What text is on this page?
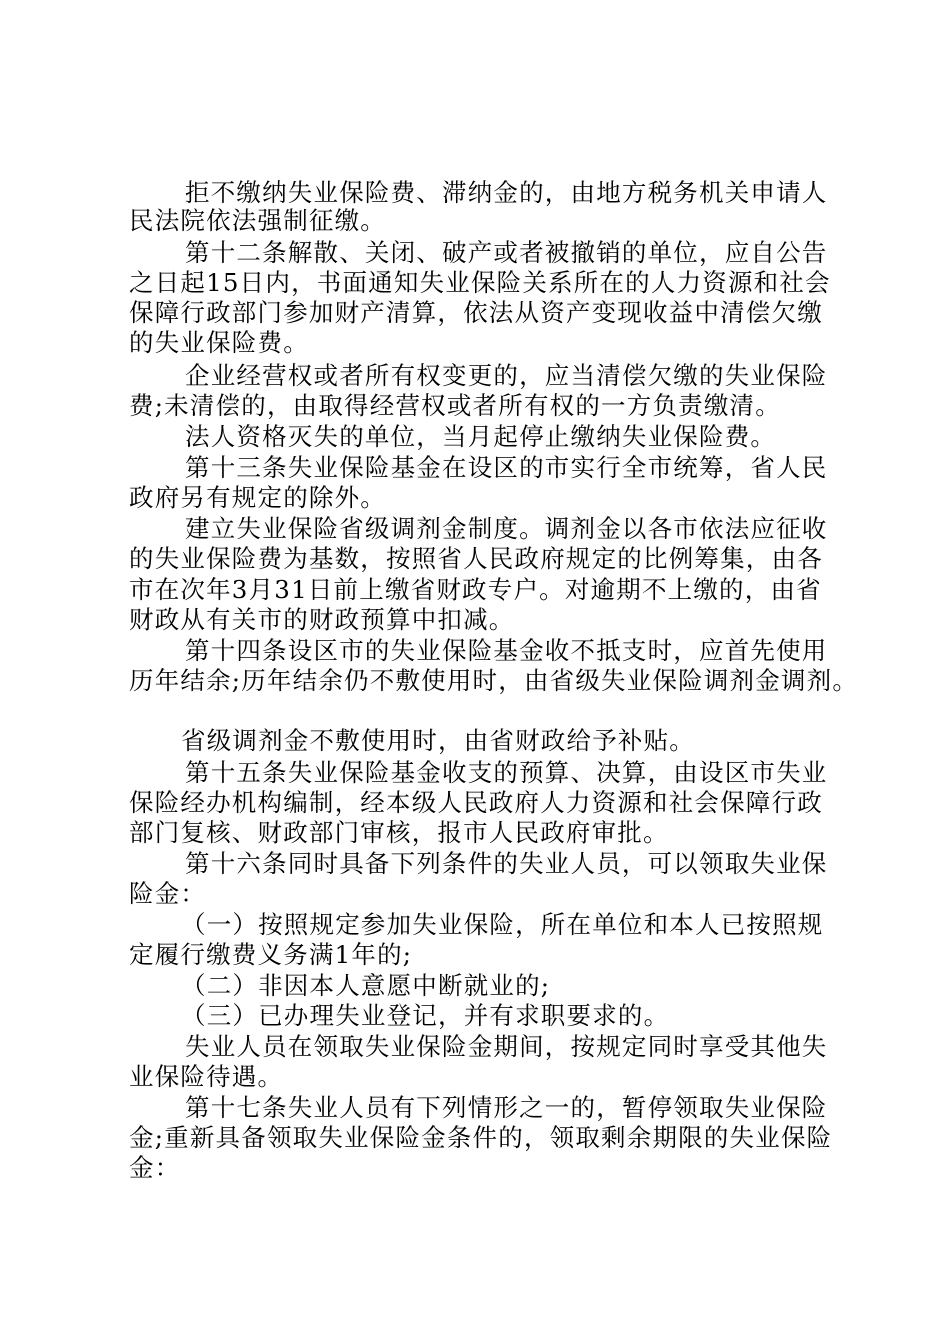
拒不缴纳失业保险费、滞纳金的，由地方税务机关申请人
民法院依法强制征缴。
第十二条解散、关闭、破产或者被撤销的单位，应自公告
之日起15日内，书面通知失业保险关系所在的人力资源和社会
保障行政部门参加财产清算，依法从资产变现收益中清偿欠缴
的失业保险费。
企业经营权或者所有权变更的，应当清偿欠缴的失业保险
费;未清偿的，由取得经营权或者所有权的一方负责缴清。
法人资格灭失的单位，当月起停止缴纳失业保险费。
第十三条失业保险基金在设区的市实行全市统筹，省人民
政府另有规定的除外。
建立失业保险省级调剂金制度。调剂金以各市依法应征收
的失业保险费为基数，按照省人民政府规定的比例筹集，由各
市在次年3月31日前上缴省财政专户。对逾期不上缴的，由省
财政从有关市的财政预算中扣减。
第十四条设区市的失业保险基金收不抵支时，应首先使用
历年结余;历年结余仍不敷使用时，由省级失业保险调剂金调剂。
省级调剂金不敷使用时，由省财政给予补贴。
第十五条失业保险基金收支的预算、决算，由设区市失业
保险经办机构编制，经本级人民政府人力资源和社会保障行政
部门复核、财政部门审核，报市人民政府审批。
第十六条同时具备下列条件的失业人员，可以领取失业保
险金：
（一）按照规定参加失业保险，所在单位和本人已按照规
定履行缴费义务满1年的;
（二）非因本人意愿中断就业的;
（三）已办理失业登记，并有求职要求的。
失业人员在领取失业保险金期间，按规定同时享受其他失
业保险待遇。
第十七条失业人员有下列情形之一的，暂停领取失业保险
金;重新具备领取失业保险金条件的，领取剩余期限的失业保险
金：
